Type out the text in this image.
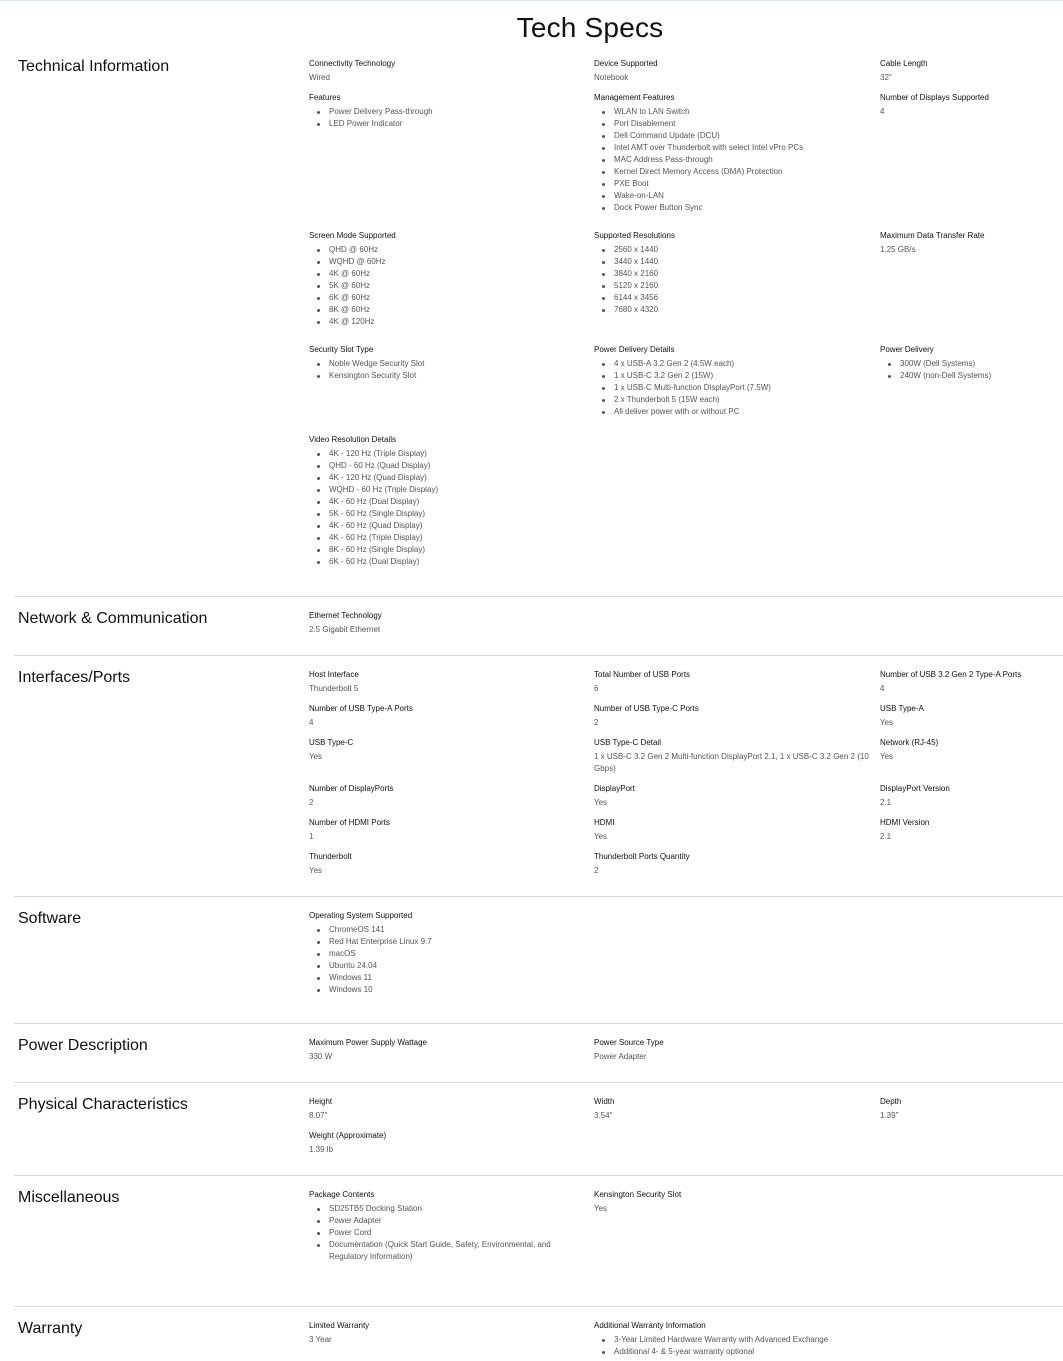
Tech Specs
Technical Information	Connectivity Technology
Wired
Device Supported
Notebook
Cable Length
32"
Features
Power Delivery Pass-through
LED Power Indicator
Management Features
WLAN to LAN Switch
Port Disablement
Dell Command Update (DCU)
Intel AMT over Thunderbolt with select Intel vPro PCs
MAC Address Pass-through
Kernel Direct Memory Access (DMA) Protection
PXE Boot
Wake-on-LAN
Dock Power Button Sync
Number of Displays Supported
4
Screen Mode Supported
QHD @ 60Hz
WQHD @ 60Hz
4K @ 60Hz
5K @ 60Hz
6K @ 60Hz
8K @ 60Hz
4K @ 120Hz
Supported Resolutions
2560 x 1440
3440 x 1440
3840 x 2160
5120 x 2160
6144 x 3456
7680 x 4320
Maximum Data Transfer Rate
1.25 GB/s
Security Slot Type
Noble Wedge Security Slot
Kensington Security Slot
Power Delivery Details
4 x USB-A 3.2 Gen 2 (4.5W each)
1 x USB-C 3.2 Gen 2 (15W)
1 x USB-C Multi-function DisplayPort (7.5W)
2 x Thunderbolt 5 (15W each)
All deliver power with or without PC
Power Delivery
300W (Dell Systems)
240W (non-Dell Systems)
Video Resolution Details
4K - 120 Hz (Triple Display)
QHD - 60 Hz (Quad Display)
4K - 120 Hz (Quad Display)
WQHD - 60 Hz (Triple Display)
4K - 60 Hz (Dual Display)
5K - 60 Hz (Single Display)
4K - 60 Hz (Quad Display)
4K - 60 Hz (Triple Display)
8K - 60 Hz (Single Display)
6K - 60 Hz (Dual Display)
Network & Communication	Ethernet Technology
2.5 Gigabit Ethernet
Interfaces/Ports	Host Interface
Thunderbolt 5
Total Number of USB Ports
6
Number of USB 3.2 Gen 2 Type-A Ports
4
Number of USB Type-A Ports
4
Number of USB Type-C Ports
2
USB Type-A
Yes
USB Type-C
Yes
USB Type-C Detail
1 x USB-C 3.2 Gen 2 Multi-function DisplayPort 2.1, 1 x USB-C 3.2 Gen 2 (10 Gbps)
Network (RJ-45)
Yes
Number of DisplayPorts
2
DisplayPort
Yes
DisplayPort Version
2.1
Number of HDMI Ports
1
HDMI
Yes
HDMI Version
2.1
Thunderbolt
Yes
Thunderbolt Ports Quantity
2
Software	Operating System Supported
ChromeOS 141
Red Hat Enterprise Linux 9.7
macOS
Ubuntu 24.04
Windows 11
Windows 10
Power Description	Maximum Power Supply Wattage
330 W
Power Source Type
Power Adapter
Physical Characteristics	Height
8.07"
Width
3.54"
Depth
1.39"
Weight (Approximate)
1.39 lb
Miscellaneous	Package Contents
SD25TB5 Docking Station
Power Adapter
Power Cord
Documentation (Quick Start Guide, Safety, Environmental, and Regulatory Information)
Kensington Security Slot
Yes
Warranty	Limited Warranty
3 Year
Additional Warranty Information
3-Year Limited Hardware Warranty with Advanced Exchange
Additional 4- & 5-year warranty optional
